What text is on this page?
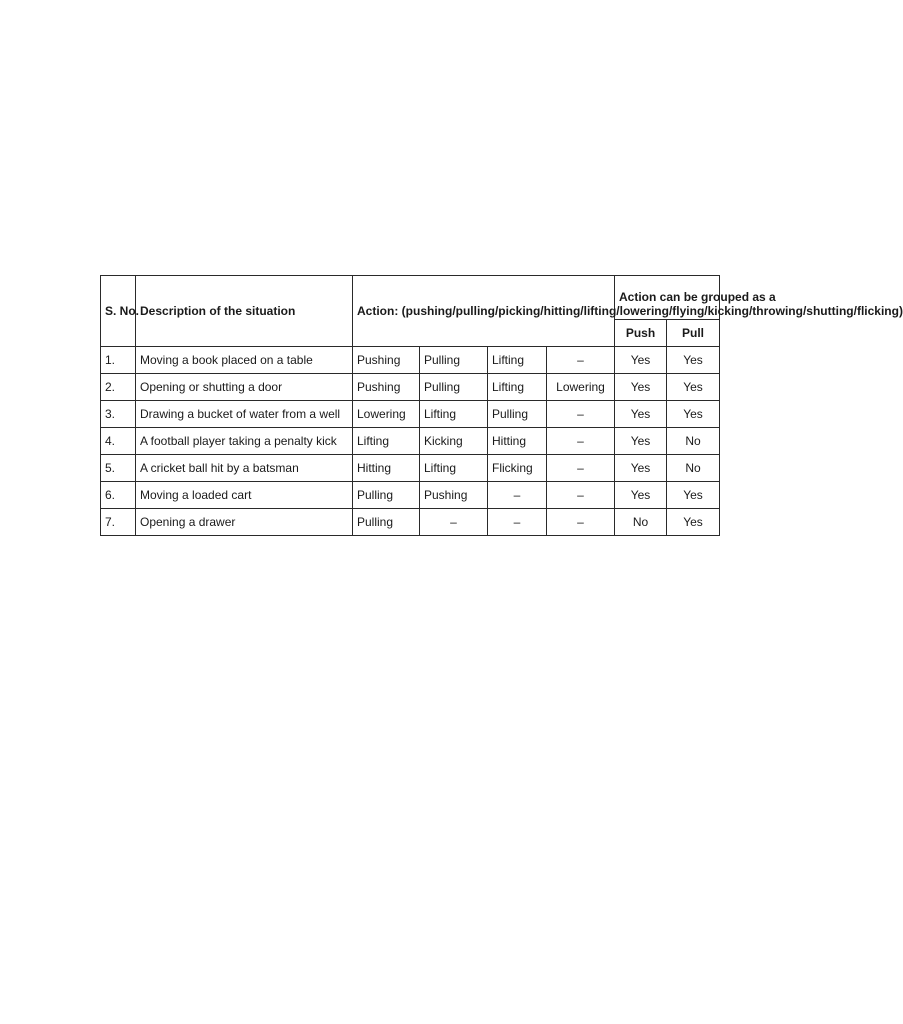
S. No.	Description of the situation	Action: (pushing/pulling/picking/hitting/lifting/lowering/flying/kicking/throwing/shutting/flicking)				Action can be grouped as a	
						Push	Pull
1.	Moving a book placed on a table	Pushing	Pulling	Lifting	–	Yes	Yes
2.	Opening or shutting a door	Pushing	Pulling	Lifting	Lowering	Yes	Yes
3.	Drawing a bucket of water from a well	Lowering	Lifting	Pulling	–	Yes	Yes
4.	A football player taking a penalty kick	Lifting	Kicking	Hitting	–	Yes	No
5.	A cricket ball hit by a batsman	Hitting	Lifting	Flicking	–	Yes	No
6.	Moving a loaded cart	Pulling	Pushing	–	–	Yes	Yes
7.	Opening a drawer	Pulling	–	–	–	No	Yes
